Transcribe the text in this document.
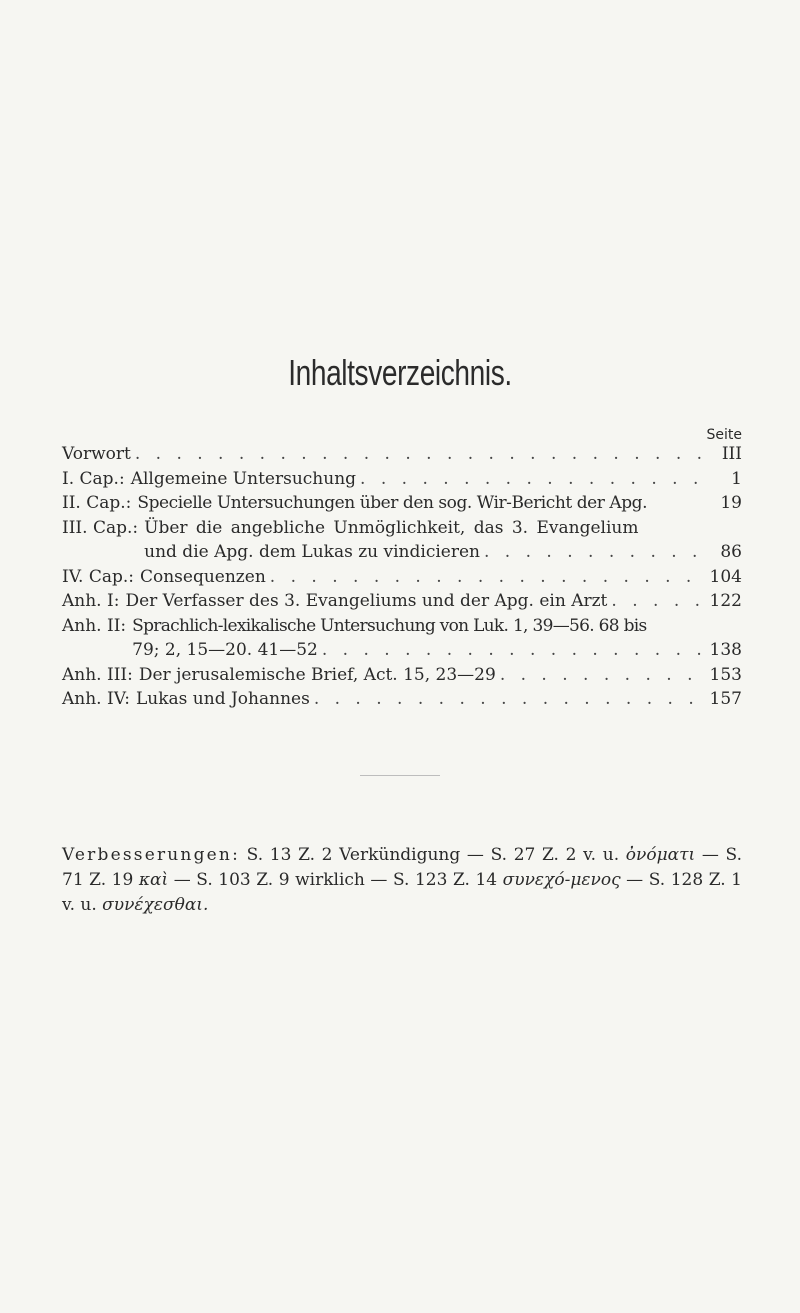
Inhaltsverzeichnis.
Seite
Vorwort . . .	III
I. Cap.: Allgemeine Untersuchung . . .	1
II. Cap.: Specielle Untersuchungen über den sog. Wir-Bericht der Apg.	19
III. Cap.: Über die angebliche Unmöglichkeit, das 3. Evangelium
und die Apg. dem Lukas zu vindicieren . . .	86
IV. Cap.: Consequenzen . . .	104
Anh. I: Der Verfasser des 3. Evangeliums und der Apg. ein Arzt . . .	122
Anh. II: Sprachlich-lexikalische Untersuchung von Luk. 1, 39—56. 68 bis
79; 2, 15—20. 41—52 . . .	138
Anh. III: Der jerusalemische Brief, Act. 15, 23—29 . . .	153
Anh. IV: Lukas und Johannes . . .	157
Verbesserungen: S. 13 Z. 2 Verkündigung — S. 27 Z. 2 v. u. ὀνόματι — S. 71 Z. 19 καὶ — S. 103 Z. 9 wirklich — S. 123 Z. 14 συνεχό-μενος — S. 128 Z. 1 v. u. συνέχεσθαι.
